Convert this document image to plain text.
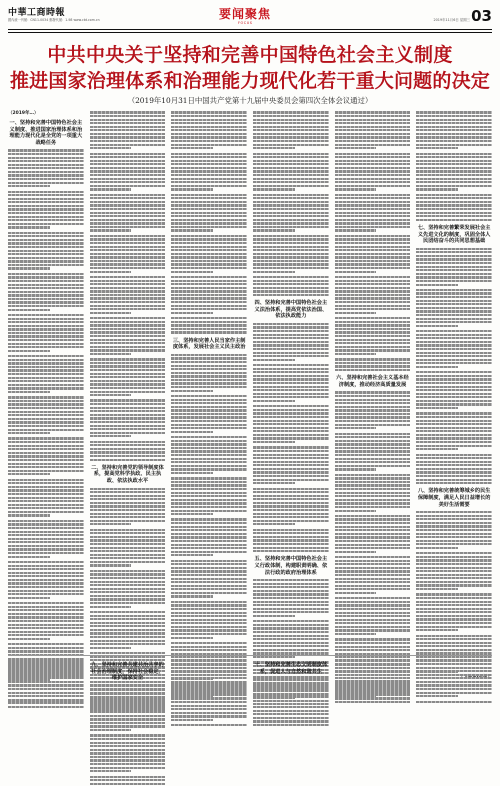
中華工商時報
國內統一刊號：CN11-0034 郵發代號：1-98 www.cbt.com.cn	要闻聚焦
FOCUS
2019年11月6日 星期三 03
中共中央关于坚持和完善中国特色社会主义制度
推进国家治理体系和治理能力现代化若干重大问题的决定
（2019年10月31日中国共产党第十九届中央委员会第四次全体会议通过）
（2019年…）
一、坚持和完善中国特色社会主义制度、推进国家治理体系和治理能力现代化是全党的一项重大战略任务
二、坚持和完善党的领导制度体系，提高党科学执政、民主执政、依法执政水平
三、坚持和完善人民当家作主制度体系，发展社会主义民主政治
四、坚持和完善中国特色社会主义法治体系，提高党依法治国、依法执政能力
五、坚持和完善中国特色社会主义行政体制，构建职责明确、依法行政的政府治理体系
六、坚持和完善社会主义基本经济制度，推动经济高质量发展
七、坚持和完善繁荣发展社会主义先进文化的制度，巩固全体人民团结奋斗的共同思想基础
八、坚持和完善统筹城乡的民生保障制度，满足人民日益增长的美好生活需要
九、坚持和完善共建共治共享的社会治理制度，保持社会稳定、维护国家安全
十、坚持和完善生态文明制度体系，促进人与自然和谐共生
